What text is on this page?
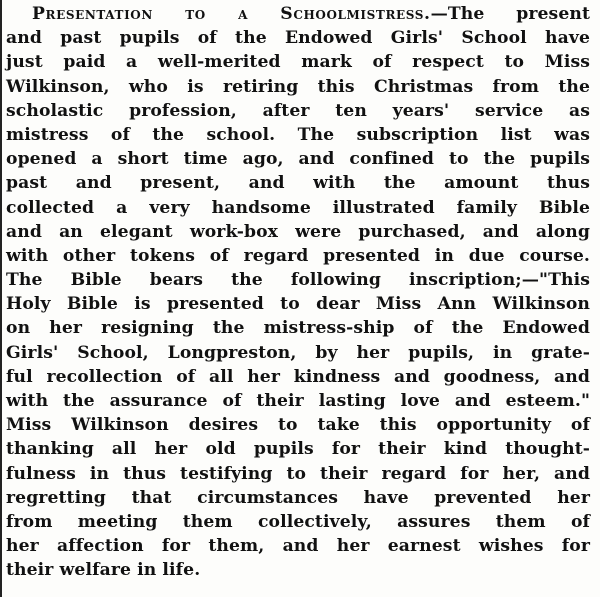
Presentation to a Schoolmistress.—The present
and past pupils of the Endowed Girls' School have
just paid a well-merited mark of respect to Miss
Wilkinson, who is retiring this Christmas from the
scholastic profession, after ten years' service as
mistress of the school. The subscription list was
opened a short time ago, and confined to the pupils
past and present, and with the amount thus
collected a very handsome illustrated family Bible
and an elegant work-box were purchased, and along
with other tokens of regard presented in due course.
The Bible bears the following inscription;—"This
Holy Bible is presented to dear Miss Ann Wilkinson
on her resigning the mistress-ship of the Endowed
Girls' School, Longpreston, by her pupils, in grate-
ful recollection of all her kindness and goodness, and
with the assurance of their lasting love and esteem."
Miss Wilkinson desires to take this opportunity of
thanking all her old pupils for their kind thought-
fulness in thus testifying to their regard for her, and
regretting that circumstances have prevented her
from meeting them collectively, assures them of
her affection for them, and her earnest wishes for
their welfare in life.
